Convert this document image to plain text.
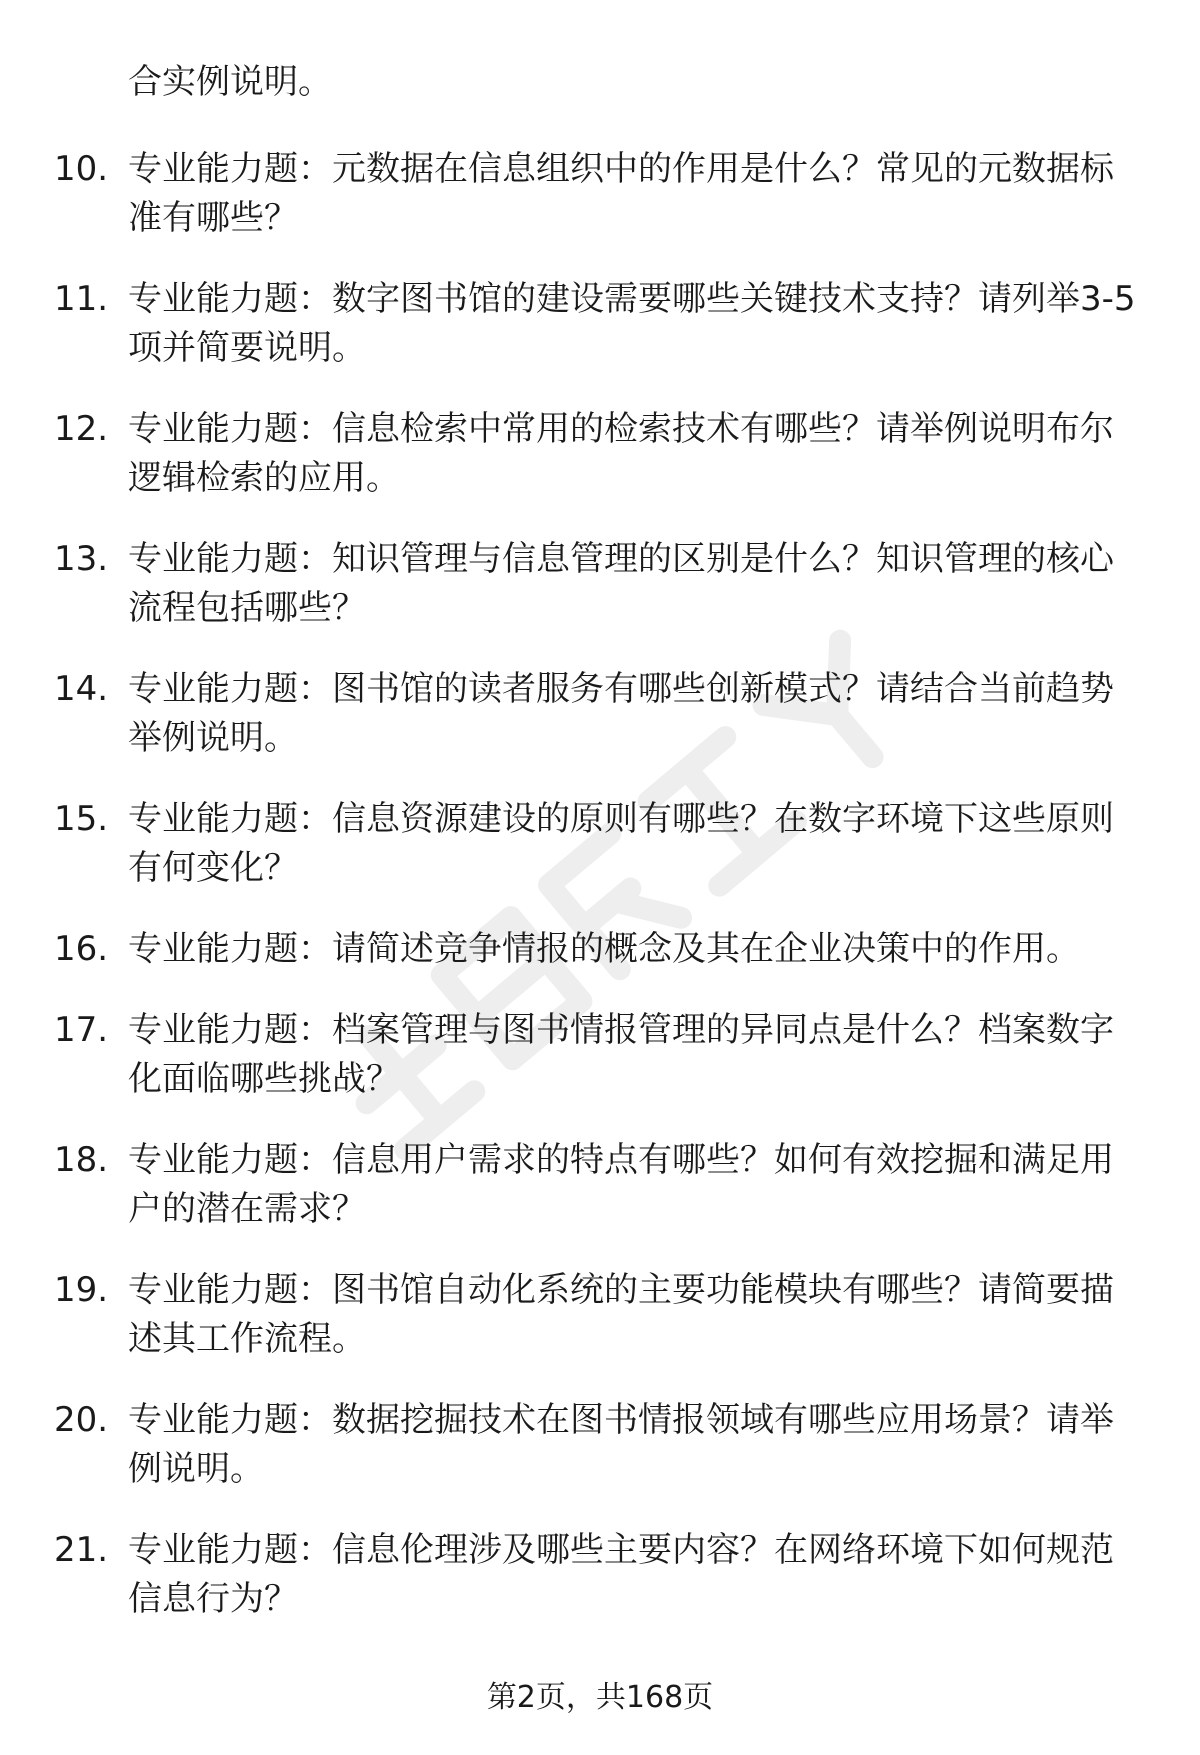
合实例说明。
10. 专业能力题：元数据在信息组织中的作用是什么？常见的元数据标准有哪些？
11. 专业能力题：数字图书馆的建设需要哪些关键技术支持？请列举3-5项并简要说明。
12. 专业能力题：信息检索中常用的检索技术有哪些？请举例说明布尔逻辑检索的应用。
13. 专业能力题：知识管理与信息管理的区别是什么？知识管理的核心流程包括哪些？
14. 专业能力题：图书馆的读者服务有哪些创新模式？请结合当前趋势举例说明。
15. 专业能力题：信息资源建设的原则有哪些？在数字环境下这些原则有何变化？
16. 专业能力题：请简述竞争情报的概念及其在企业决策中的作用。
17. 专业能力题：档案管理与图书情报管理的异同点是什么？档案数字化面临哪些挑战？
18. 专业能力题：信息用户需求的特点有哪些？如何有效挖掘和满足用户的潜在需求？
19. 专业能力题：图书馆自动化系统的主要功能模块有哪些？请简要描述其工作流程。
20. 专业能力题：数据挖掘技术在图书情报领域有哪些应用场景？请举例说明。
21. 专业能力题：信息伦理涉及哪些主要内容？在网络环境下如何规范信息行为？
第2页，共168页
